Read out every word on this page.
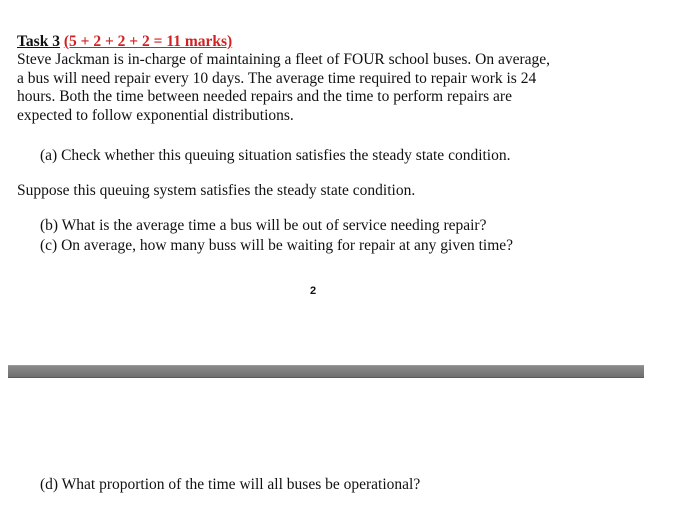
Task 3 (5 + 2 + 2 + 2 = 11 marks)
Steve Jackman is in-charge of maintaining a fleet of FOUR school buses. On average,
a bus will need repair every 10 days. The average time required to repair work is 24
hours. Both the time between needed repairs and the time to perform repairs are
expected to follow exponential distributions.
(a) Check whether this queuing situation satisfies the steady state condition.
Suppose this queuing system satisfies the steady state condition.
(b) What is the average time a bus will be out of service needing repair?
(c) On average, how many buss will be waiting for repair at any given time?
2
(d) What proportion of the time will all buses be operational?
